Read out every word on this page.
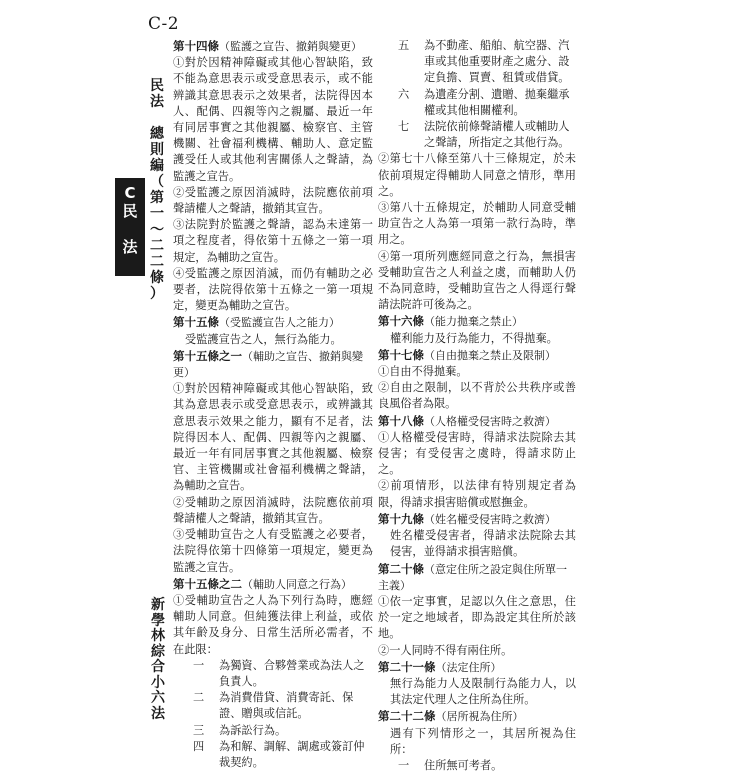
C-2
民
法

總
則
編
（
第
一
～
二
二
條
）
C
民

法
新
學
林
綜
合
小
六
法
第十四條（監護之宣告、撤銷與變更）
①對於因精神障礙或其他心智缺陷，致不能為意思表示或受意思表示，或不能辨識其意思表示之效果者，法院得因本人、配偶、四親等內之親屬、最近一年有同居事實之其他親屬、檢察官、主管機關、社會福利機構、輔助人、意定監護受任人或其他利害關係人之聲請，為監護之宣告。
②受監護之原因消滅時，法院應依前項聲請權人之聲請，撤銷其宣告。
③法院對於監護之聲請，認為未達第一項之程度者，得依第十五條之一第一項規定，為輔助之宣告。
④受監護之原因消滅，而仍有輔助之必要者，法院得依第十五條之一第一項規定，變更為輔助之宣告。
第十五條（受監護宣告人之能力）
受監護宣告之人，無行為能力。
第十五條之一（輔助之宣告、撤銷與變更）
①對於因精神障礙或其他心智缺陷，致其為意思表示或受意思表示，或辨識其意思表示效果之能力，顯有不足者，法院得因本人、配偶、四親等內之親屬、最近一年有同居事實之其他親屬、檢察官、主管機關或社會福利機構之聲請，為輔助之宣告。
②受輔助之原因消滅時，法院應依前項聲請權人之聲請，撤銷其宣告。
③受輔助宣告之人有受監護之必要者，法院得依第十四條第一項規定，變更為監護之宣告。
第十五條之二（輔助人同意之行為）
①受輔助宣告之人為下列行為時，應經輔助人同意。但純獲法律上利益，或依其年齡及身分、日常生活所必需者，不在此限：
一	為獨資、合夥營業或為法人之負責人。
二	為消費借貸、消費寄託、保證、贈與或信託。
三	為訴訟行為。
四	為和解、調解、調處或簽訂仲裁契約。
五	為不動產、船舶、航空器、汽車或其他重要財產之處分、設定負擔、買賣、租賃或借貸。
六	為遺產分割、遺贈、拋棄繼承權或其他相關權利。
七	法院依前條聲請權人或輔助人之聲請，所指定之其他行為。
②第七十八條至第八十三條規定，於未依前項規定得輔助人同意之情形，準用之。
③第八十五條規定，於輔助人同意受輔助宣告之人為第一項第一款行為時，準用之。
④第一項所列應經同意之行為，無損害受輔助宣告之人利益之虞，而輔助人仍不為同意時，受輔助宣告之人得逕行聲請法院許可後為之。
第十六條（能力拋棄之禁止）
權利能力及行為能力，不得拋棄。
第十七條（自由拋棄之禁止及限制）
①自由不得拋棄。
②自由之限制，以不背於公共秩序或善良風俗者為限。
第十八條（人格權受侵害時之救濟）
①人格權受侵害時，得請求法院除去其侵害；有受侵害之虞時，得請求防止之。
②前項情形，以法律有特別規定者為限，得請求損害賠償或慰撫金。
第十九條（姓名權受侵害時之救濟）
姓名權受侵害者，得請求法院除去其侵害，並得請求損害賠償。
第二十條（意定住所之設定與住所單一主義）
①依一定事實，足認以久住之意思，住於一定之地域者，即為設定其住所於該地。
②一人同時不得有兩住所。
第二十一條（法定住所）
無行為能力人及限制行為能力人，以其法定代理人之住所為住所。
第二十二條（居所視為住所）
遇有下列情形之一，其居所視為住所：
一	住所無可考者。
